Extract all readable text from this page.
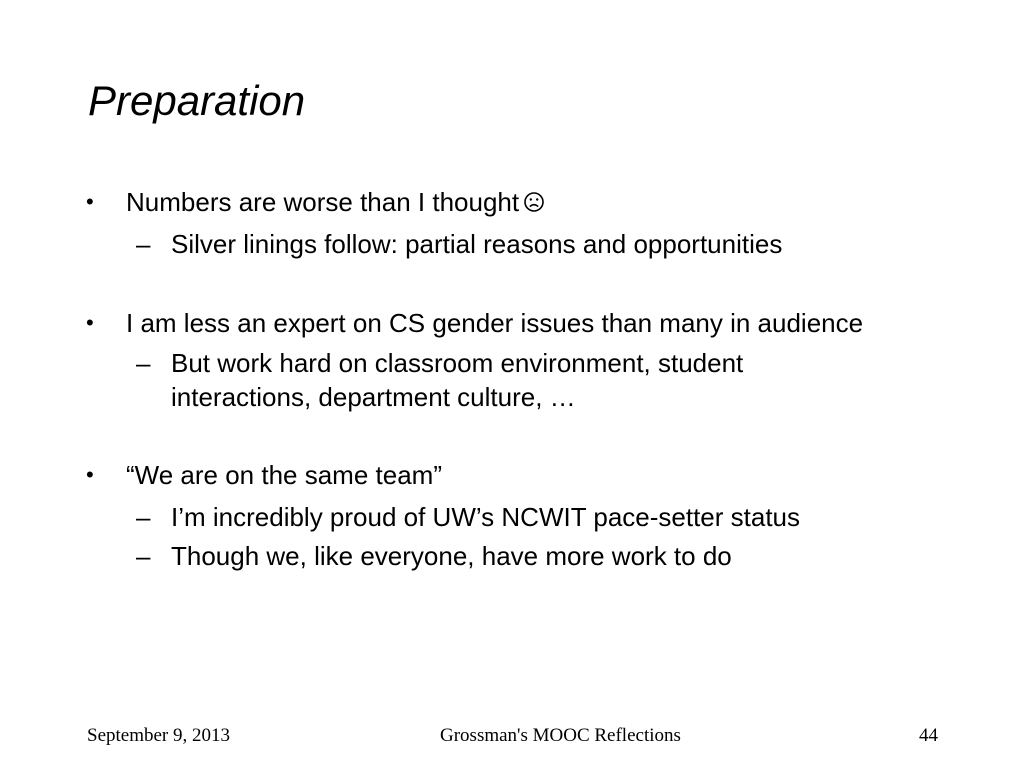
Preparation
• Numbers are worse than I thought
– Silver linings follow: partial reasons and opportunities
• I am less an expert on CS gender issues than many in audience
– But work hard on classroom environment, student interactions, department culture, …
• “We are on the same team”
– I’m incredibly proud of UW’s NCWIT pace-setter status
– Though we, like everyone, have more work to do
September 9, 2013	Grossman's MOOC Reflections	44
